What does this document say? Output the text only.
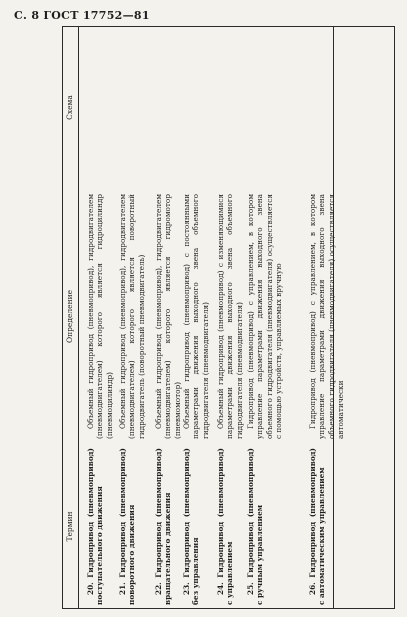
С. 8 ГОСТ 17752—81
Термин
Определение
Схема
20. Гидропривод (пневмопривод) поступательного движения

Объемный гидропривод (пневмопривод), гидродвигателем (пневмодвигателем) которого является гидроцилиндр (пневмоцилиндр)

21. Гидропривод (пневмопривод) поворотного движения

Объемный гидропривод (пневмопривод), гидродвигателем (пневмодвигателем) которого является поворотный гидродвигатель (поворотный пневмодвигатель)

22. Гидропривод (пневмопривод) вращательного движения

Объемный гидропривод (пневмопривод), гидродвигателем (пневмодвигателем) которого является гидромотор (пневмомотор)

23. Гидропривод (пневмопривод) без управления

Объемный гидропривод (пневмопривод) с постоянными параметрами движения выходного звена объемного гидродвигателя (пневмодвигателя)

24. Гидропривод (пневмопривод) с управлением

Объемный гидропривод (пневмопривод) с изменяющимися параметрами движения выходного звена объемного гидродвигателя (пневмодвигателя)

25. Гидропривод (пневмопривод) с ручным управлением

Гидропривод (пневмопривод) с управлением, в котором управление параметрами движения выходного звена объемного гидродвигателя (пневмодвигателя) осуществляется с помощью устройств, управляемых вручную

26. Гидропривод (пневмопривод) с автоматическим управлением

Гидропривод (пневмопривод) с управлением, в котором управление параметрами движения выходного звена объемного гидродвигателя (пневмодвигателя) осуществляется автоматически
